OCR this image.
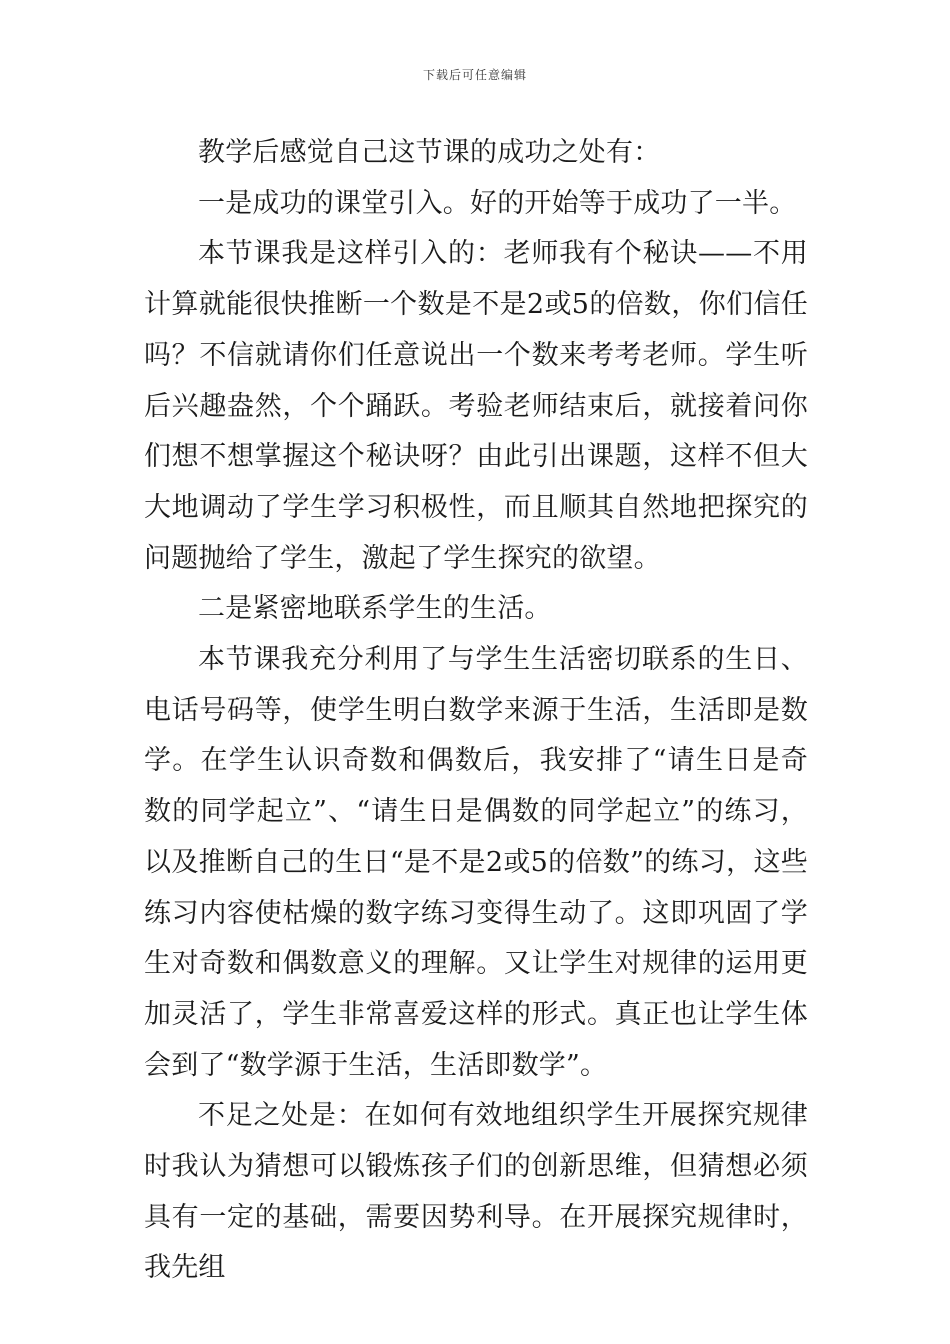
下载后可任意编辑

教学后感觉自己这节课的成功之处有：

一是成功的课堂引入。好的开始等于成功了一半。

本节课我是这样引入的：老师我有个秘诀——不用计算就能很快推断一个数是不是2或5的倍数，你们信任吗？不信就请你们任意说出一个数来考考老师。学生听后兴趣盎然，个个踊跃。考验老师结束后，就接着问你们想不想掌握这个秘诀呀？由此引出课题，这样不但大大地调动了学生学习积极性，而且顺其自然地把探究的问题抛给了学生，激起了学生探究的欲望。

二是紧密地联系学生的生活。

本节课我充分利用了与学生生活密切联系的生日、电话号码等，使学生明白数学来源于生活，生活即是数学。在学生认识奇数和偶数后，我安排了“请生日是奇数的同学起立”、“请生日是偶数的同学起立”的练习，以及推断自己的生日“是不是2或5的倍数”的练习，这些练习内容使枯燥的数字练习变得生动了。这即巩固了学生对奇数和偶数意义的理解。又让学生对规律的运用更加灵活了，学生非常喜爱这样的形式。真正也让学生体会到了“数学源于生活，生活即数学”。

不足之处是：在如何有效地组织学生开展探究规律时我认为猜想可以锻炼孩子们的创新思维，但猜想必须具有一定的基础，需要因势利导。在开展探究规律时，我先组
